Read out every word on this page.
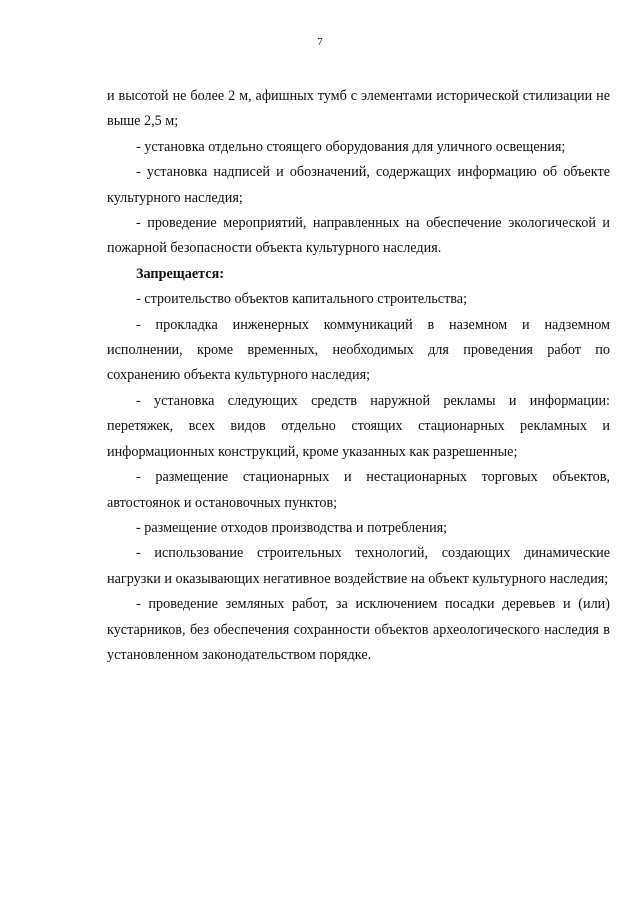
7

и высотой не более 2 м, афишных тумб с элементами исторической стилизации не выше 2,5 м;

- установка отдельно стоящего оборудования для уличного освещения;

- установка надписей и обозначений, содержащих информацию об объекте культурного наследия;

- проведение мероприятий, направленных на обеспечение экологической и пожарной безопасности объекта культурного наследия.

Запрещается:

- строительство объектов капитального строительства;

- прокладка инженерных коммуникаций в наземном и надземном исполнении, кроме временных, необходимых для проведения работ по сохранению объекта культурного наследия;

- установка следующих средств наружной рекламы и информации: перетяжек, всех видов отдельно стоящих стационарных рекламных и информационных конструкций, кроме указанных как разрешенные;

- размещение стационарных и нестационарных торговых объектов, автостоянок и остановочных пунктов;

- размещение отходов производства и потребления;

- использование строительных технологий, создающих динамические нагрузки и оказывающих негативное воздействие на объект культурного наследия;

- проведение земляных работ, за исключением посадки деревьев и (или) кустарников, без обеспечения сохранности объектов археологического наследия в установленном законодательством порядке.
